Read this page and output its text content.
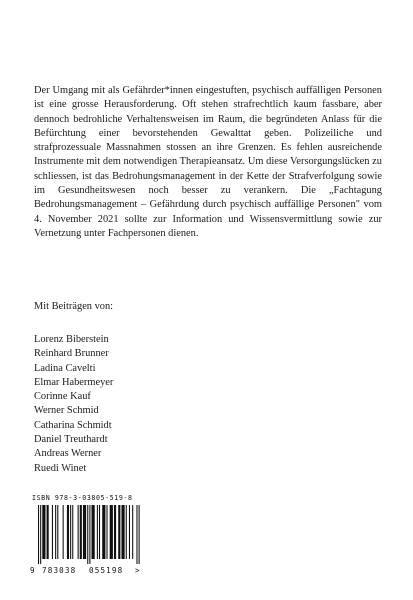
Der Umgang mit als Gefährder*innen eingestuften, psychisch auffälligen Personen ist eine grosse Herausforderung. Oft stehen strafrechtlich kaum fassbare, aber dennoch bedrohliche Verhaltensweisen im Raum, die begründeten Anlass für die Befürchtung einer bevorstehenden Gewalttat geben. Polizeiliche und strafprozessuale Massnahmen stossen an ihre Grenzen. Es fehlen ausreichende Instrumente mit dem notwendigen Therapieansatz. Um diese Versorgungslücken zu schliessen, ist das Bedrohungsmanagement in der Kette der Strafverfolgung sowie im Gesundheitswesen noch besser zu verankern. Die „Fachtagung Bedrohungsmanagement – Gefährdung durch psychisch auffällige Personen" vom 4. November 2021 sollte zur Information und Wissensvermittlung sowie zur Vernetzung unter Fachpersonen dienen.

Mit Beiträgen von:

Lorenz Biberstein
Reinhard Brunner
Ladina Cavelti
Elmar Habermeyer
Corinne Kauf
Werner Schmid
Catharina Schmidt
Daniel Treuthardt
Andreas Werner
Ruedi Winet
ISBN 978-3-03805-519-8
9 783038 055198 >
